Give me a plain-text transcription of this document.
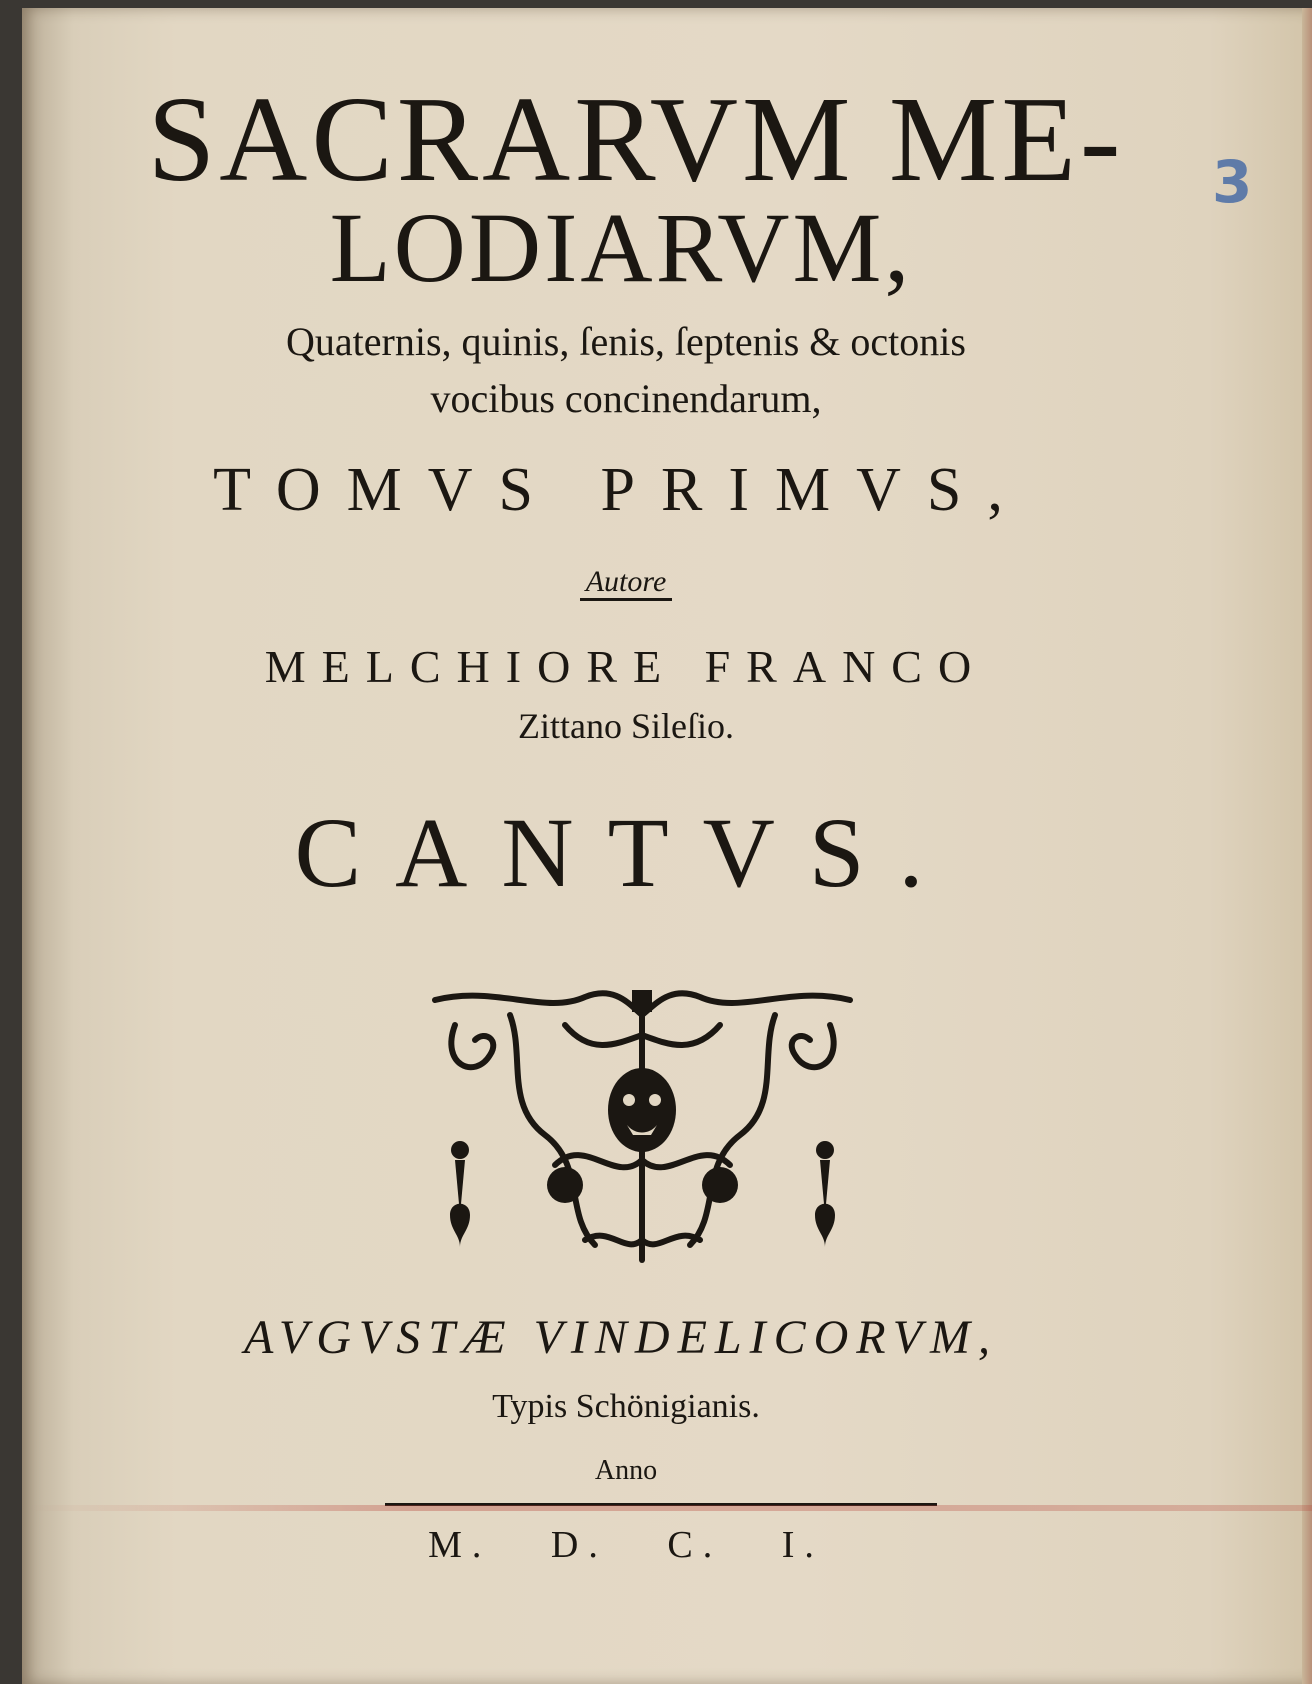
SACRARVM ME-
LODIARVM,
3
Quaternis, quinis, ſenis, ſeptenis & octonis
vocibus concinendarum,
TOMVS PRIMVS,
Autore
MELCHIORE FRANCO
Zittano Sileſio.
CANTVS.
AVGVSTÆ VINDELICORVM,
Typis Schönigianis.
Anno
M. D. C. I.
